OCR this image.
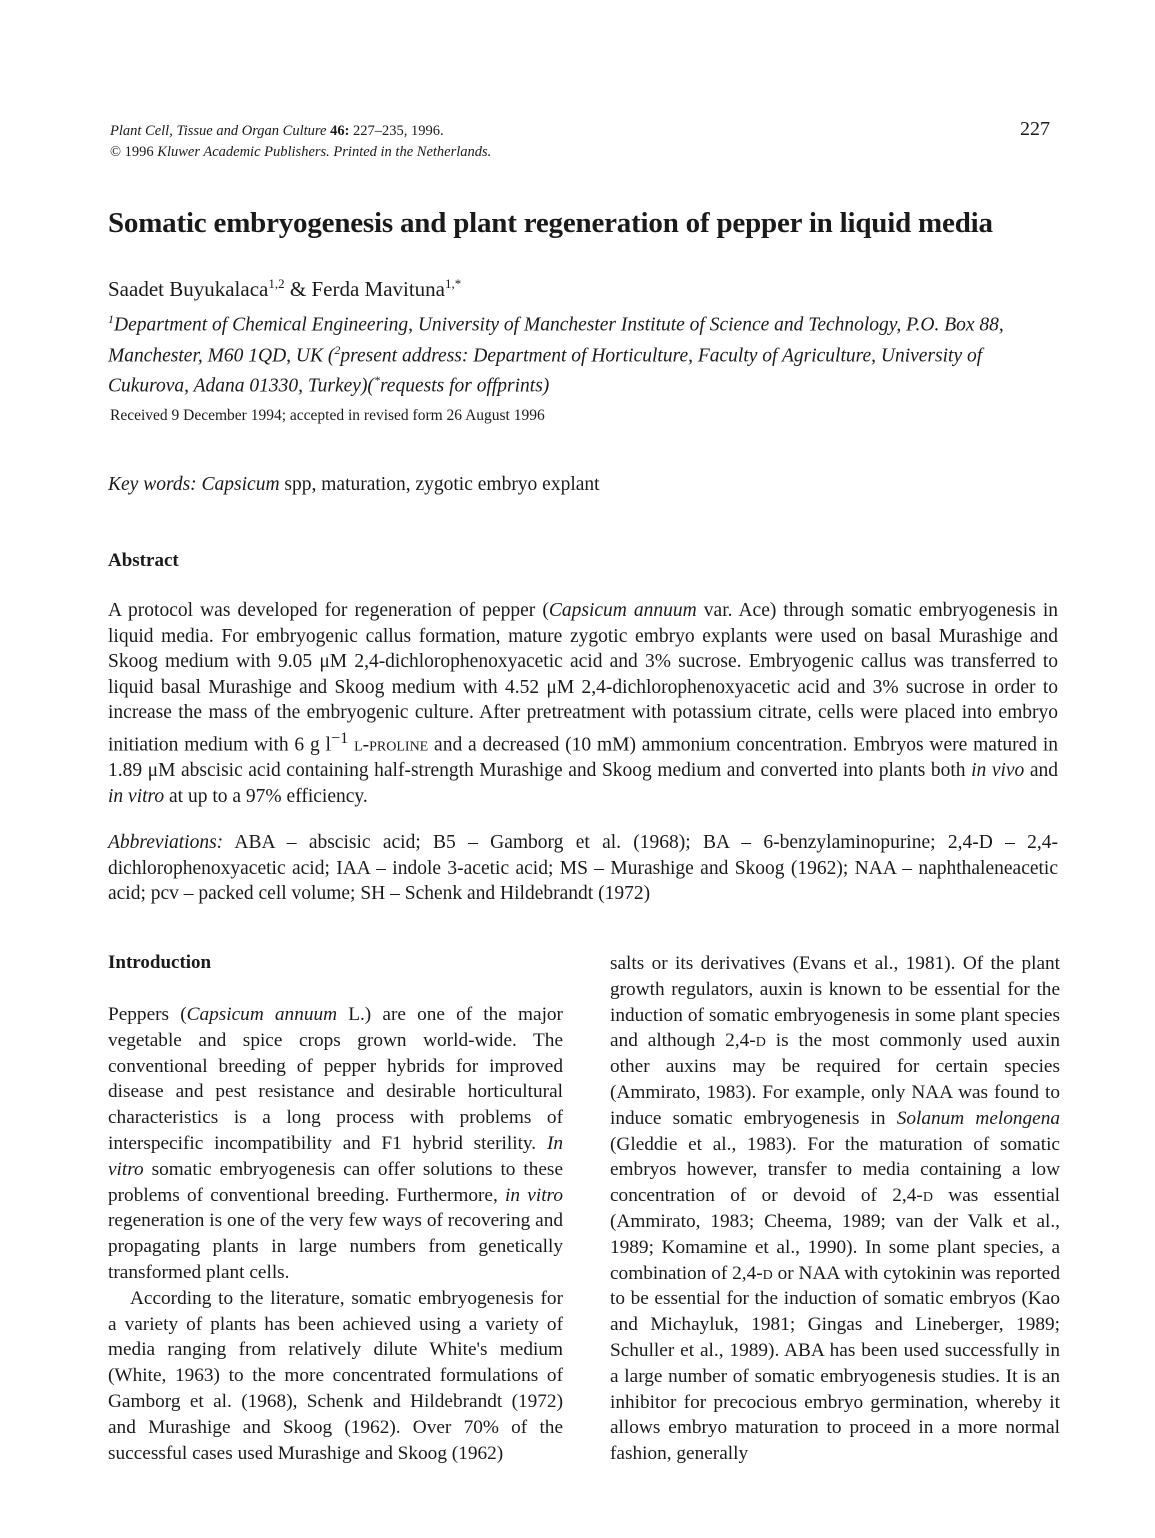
Plant Cell, Tissue and Organ Culture 46: 227–235, 1996.
© 1996 Kluwer Academic Publishers. Printed in the Netherlands.
227
Somatic embryogenesis and plant regeneration of pepper in liquid media
Saadet Buyukalaca$^{1,2}$ & Ferda Mavituna$^{1,*}$
$^1$Department of Chemical Engineering, University of Manchester Institute of Science and Technology, P.O. Box 88, Manchester, M60 1QD, UK ($^2$present address: Department of Horticulture, Faculty of Agriculture, University of Cukurova, Adana 01330, Turkey)(*requests for offprints)
Received 9 December 1994; accepted in revised form 26 August 1996
Key words: Capsicum spp, maturation, zygotic embryo explant
Abstract
A protocol was developed for regeneration of pepper (Capsicum annuum var. Ace) through somatic embryogenesis in liquid media. For embryogenic callus formation, mature zygotic embryo explants were used on basal Murashige and Skoog medium with 9.05 μM 2,4-dichlorophenoxyacetic acid and 3% sucrose. Embryogenic callus was transferred to liquid basal Murashige and Skoog medium with 4.52 μM 2,4-dichlorophenoxyacetic acid and 3% sucrose in order to increase the mass of the embryogenic culture. After pretreatment with potassium citrate, cells were placed into embryo initiation medium with 6 g $l^{-1}$ l-proline and a decreased (10 mM) ammonium concentration. Embryos were matured in 1.89 μM abscisic acid containing half-strength Murashige and Skoog medium and converted into plants both in vivo and in vitro at up to a 97% efficiency.
Abbreviations: ABA – abscisic acid; B5 – Gamborg et al. (1968); BA – 6-benzylaminopurine; 2,4-D – 2,4-dichlorophenoxyacetic acid; IAA – indole 3-acetic acid; MS – Murashige and Skoog (1962); NAA – naphthaleneacetic acid; pcv – packed cell volume; SH – Schenk and Hildebrandt (1972)
Introduction

Peppers (Capsicum annuum L.) are one of the major vegetable and spice crops grown world-wide. The conventional breeding of pepper hybrids for improved disease and pest resistance and desirable horticultural characteristics is a long process with problems of interspecific incompatibility and F1 hybrid sterility. In vitro somatic embryogenesis can offer solutions to these problems of conventional breeding. Furthermore, in vitro regeneration is one of the very few ways of recovering and propagating plants in large numbers from genetically transformed plant cells.

According to the literature, somatic embryogenesis for a variety of plants has been achieved using a variety of media ranging from relatively dilute White's medium (White, 1963) to the more concentrated formulations of Gamborg et al. (1968), Schenk and Hildebrandt (1972) and Murashige and Skoog (1962). Over 70% of the successful cases used Murashige and Skoog (1962)

salts or its derivatives (Evans et al., 1981). Of the plant growth regulators, auxin is known to be essential for the induction of somatic embryogenesis in some plant species and although 2,4-d is the most commonly used auxin other auxins may be required for certain species (Ammirato, 1983). For example, only NAA was found to induce somatic embryogenesis in Solanum melongena (Gleddie et al., 1983). For the maturation of somatic embryos however, transfer to media containing a low concentration of or devoid of 2,4-d was essential (Ammirato, 1983; Cheema, 1989; van der Valk et al., 1989; Komamine et al., 1990). In some plant species, a combination of 2,4-d or NAA with cytokinin was reported to be essential for the induction of somatic embryos (Kao and Michayluk, 1981; Gingas and Lineberger, 1989; Schuller et al., 1989). ABA has been used successfully in a large number of somatic embryogenesis studies. It is an inhibitor for precocious embryo germination, whereby it allows embryo maturation to proceed in a more normal fashion, generally
